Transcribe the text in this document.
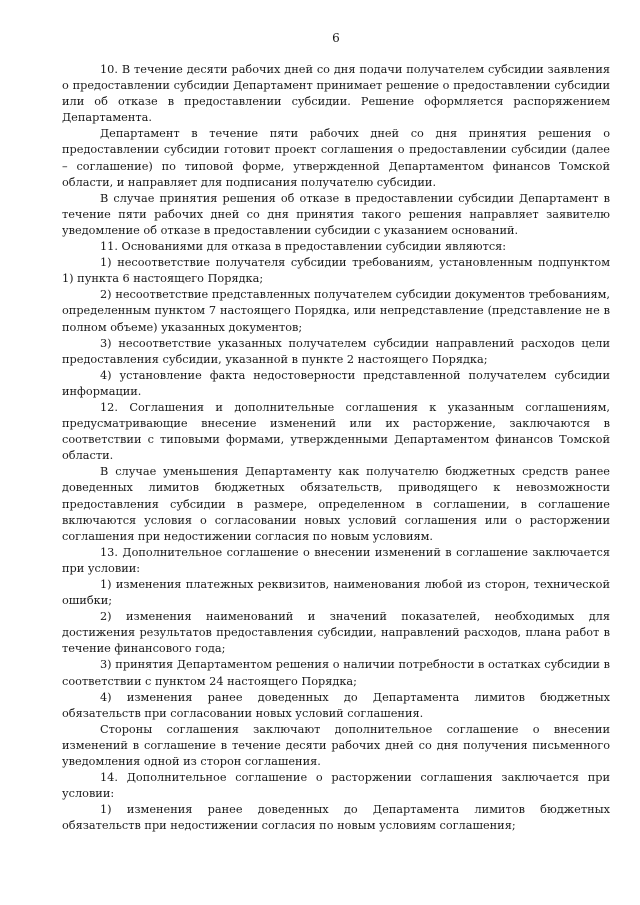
6

10. В течение десяти рабочих дней со дня подачи получателем субсидии заявления о предоставлении субсидии Департамент принимает решение о предоставлении субсидии или об отказе в предоставлении субсидии. Решение оформляется распоряжением Департамента.

Департамент в течение пяти рабочих дней со дня принятия решения о предоставлении субсидии готовит проект соглашения о предоставлении субсидии (далее – соглашение) по типовой форме, утвержденной Департаментом финансов Томской области, и направляет для подписания получателю субсидии.

В случае принятия решения об отказе в предоставлении субсидии Департамент в течение пяти рабочих дней со дня принятия такого решения направляет заявителю уведомление об отказе в предоставлении субсидии с указанием оснований.

11. Основаниями для отказа в предоставлении субсидии являются:

1) несоответствие получателя субсидии требованиям, установленным подпунктом 1) пункта 6 настоящего Порядка;

2) несоответствие представленных получателем субсидии документов требованиям, определенным пунктом 7 настоящего Порядка, или непредставление (представление не в полном объеме) указанных документов;

3) несоответствие указанных получателем субсидии направлений расходов цели предоставления субсидии, указанной в пункте 2 настоящего Порядка;

4) установление факта недостоверности представленной получателем субсидии информации.

12. Соглашения и дополнительные соглашения к указанным соглашениям, предусматривающие внесение изменений или их расторжение, заключаются в соответствии с типовыми формами, утвержденными Департаментом финансов Томской области.

В случае уменьшения Департаменту как получателю бюджетных средств ранее доведенных лимитов бюджетных обязательств, приводящего к невозможности предоставления субсидии в размере, определенном в соглашении, в соглашение включаются условия о согласовании новых условий соглашения или о расторжении соглашения при недостижении согласия по новым условиям.

13. Дополнительное соглашение о внесении изменений в соглашение заключается при условии:

1) изменения платежных реквизитов, наименования любой из сторон, технической ошибки;

2) изменения наименований и значений показателей, необходимых для достижения результатов предоставления субсидии, направлений расходов, плана работ в течение финансового года;

3) принятия Департаментом решения о наличии потребности в остатках субсидии в соответствии с пунктом 24 настоящего Порядка;

4) изменения ранее доведенных до Департамента лимитов бюджетных обязательств при согласовании новых условий соглашения.

Стороны соглашения заключают дополнительное соглашение о внесении изменений в соглашение в течение десяти рабочих дней со дня получения письменного уведомления одной из сторон соглашения.

14. Дополнительное соглашение о расторжении соглашения заключается при условии:

1) изменения ранее доведенных до Департамента лимитов бюджетных обязательств при недостижении согласия по новым условиям соглашения;
